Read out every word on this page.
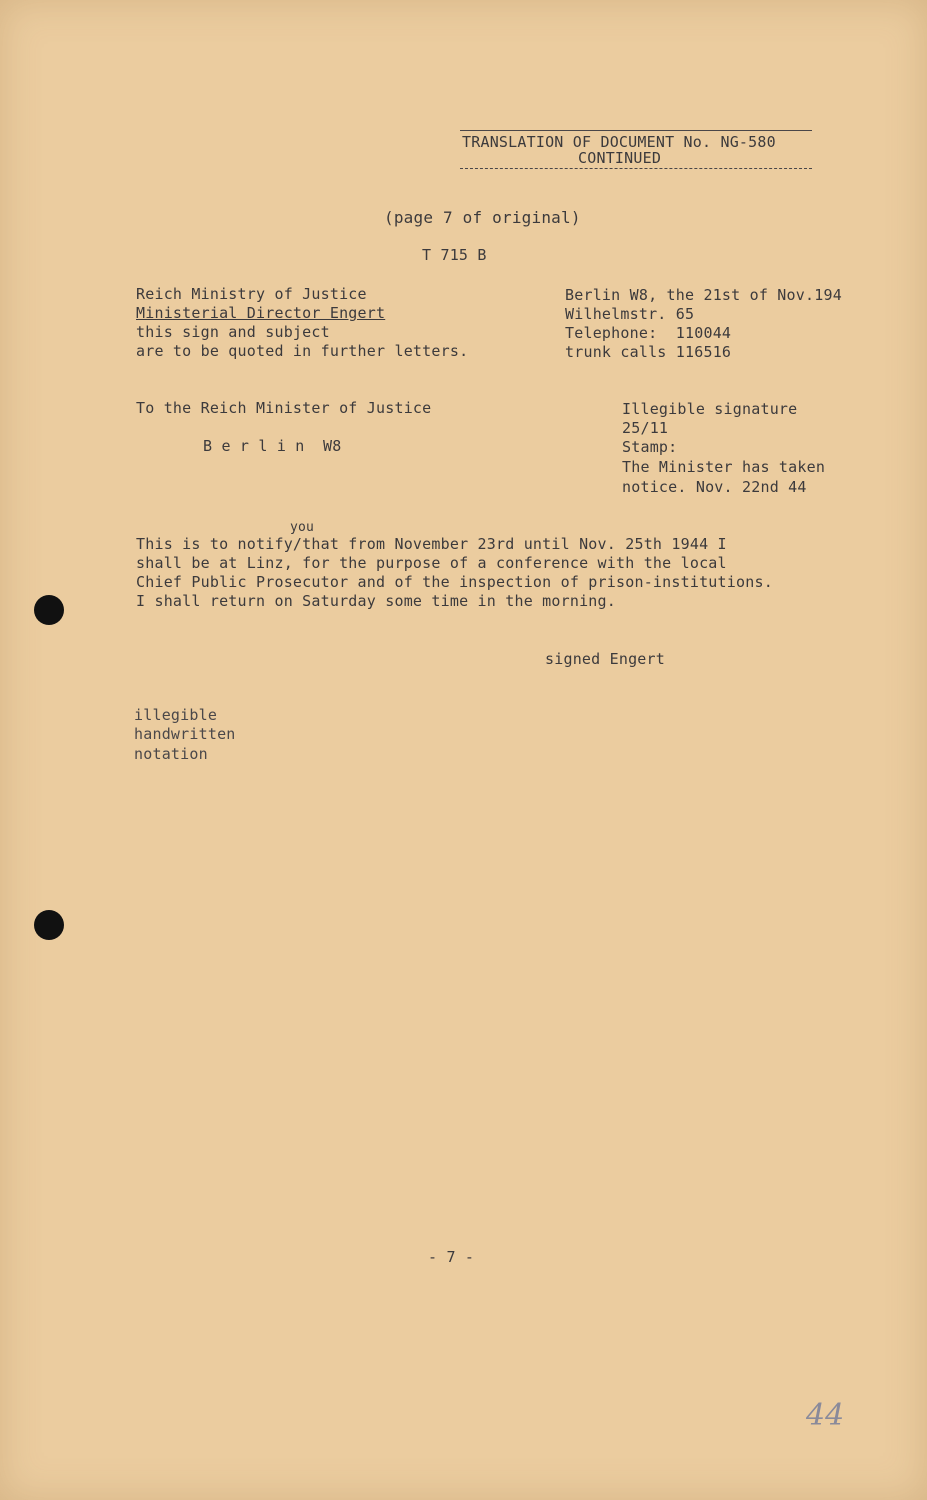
TRANSLATION OF DOCUMENT No. NG-580
CONTINUED
(page 7 of original)
T 715 B
Reich Ministry of Justice
Ministerial Director Engert
this sign and subject
are to be quoted in further letters.
Berlin W8, the 21st of Nov.194
Wilhelmstr. 65
Telephone:  110044
trunk calls 116516
To the Reich Minister of Justice
B e r l i n  W8
Illegible signature
25/11
Stamp:
The Minister has taken
notice. Nov. 22nd 44
you
This is to notify/that from November 23rd until Nov. 25th 1944 I
shall be at Linz, for the purpose of a conference with the local
Chief Public Prosecutor and of the inspection of prison-institutions.
I shall return on Saturday some time in the morning.
signed Engert
illegible
handwritten
notation
- 7 -
44
